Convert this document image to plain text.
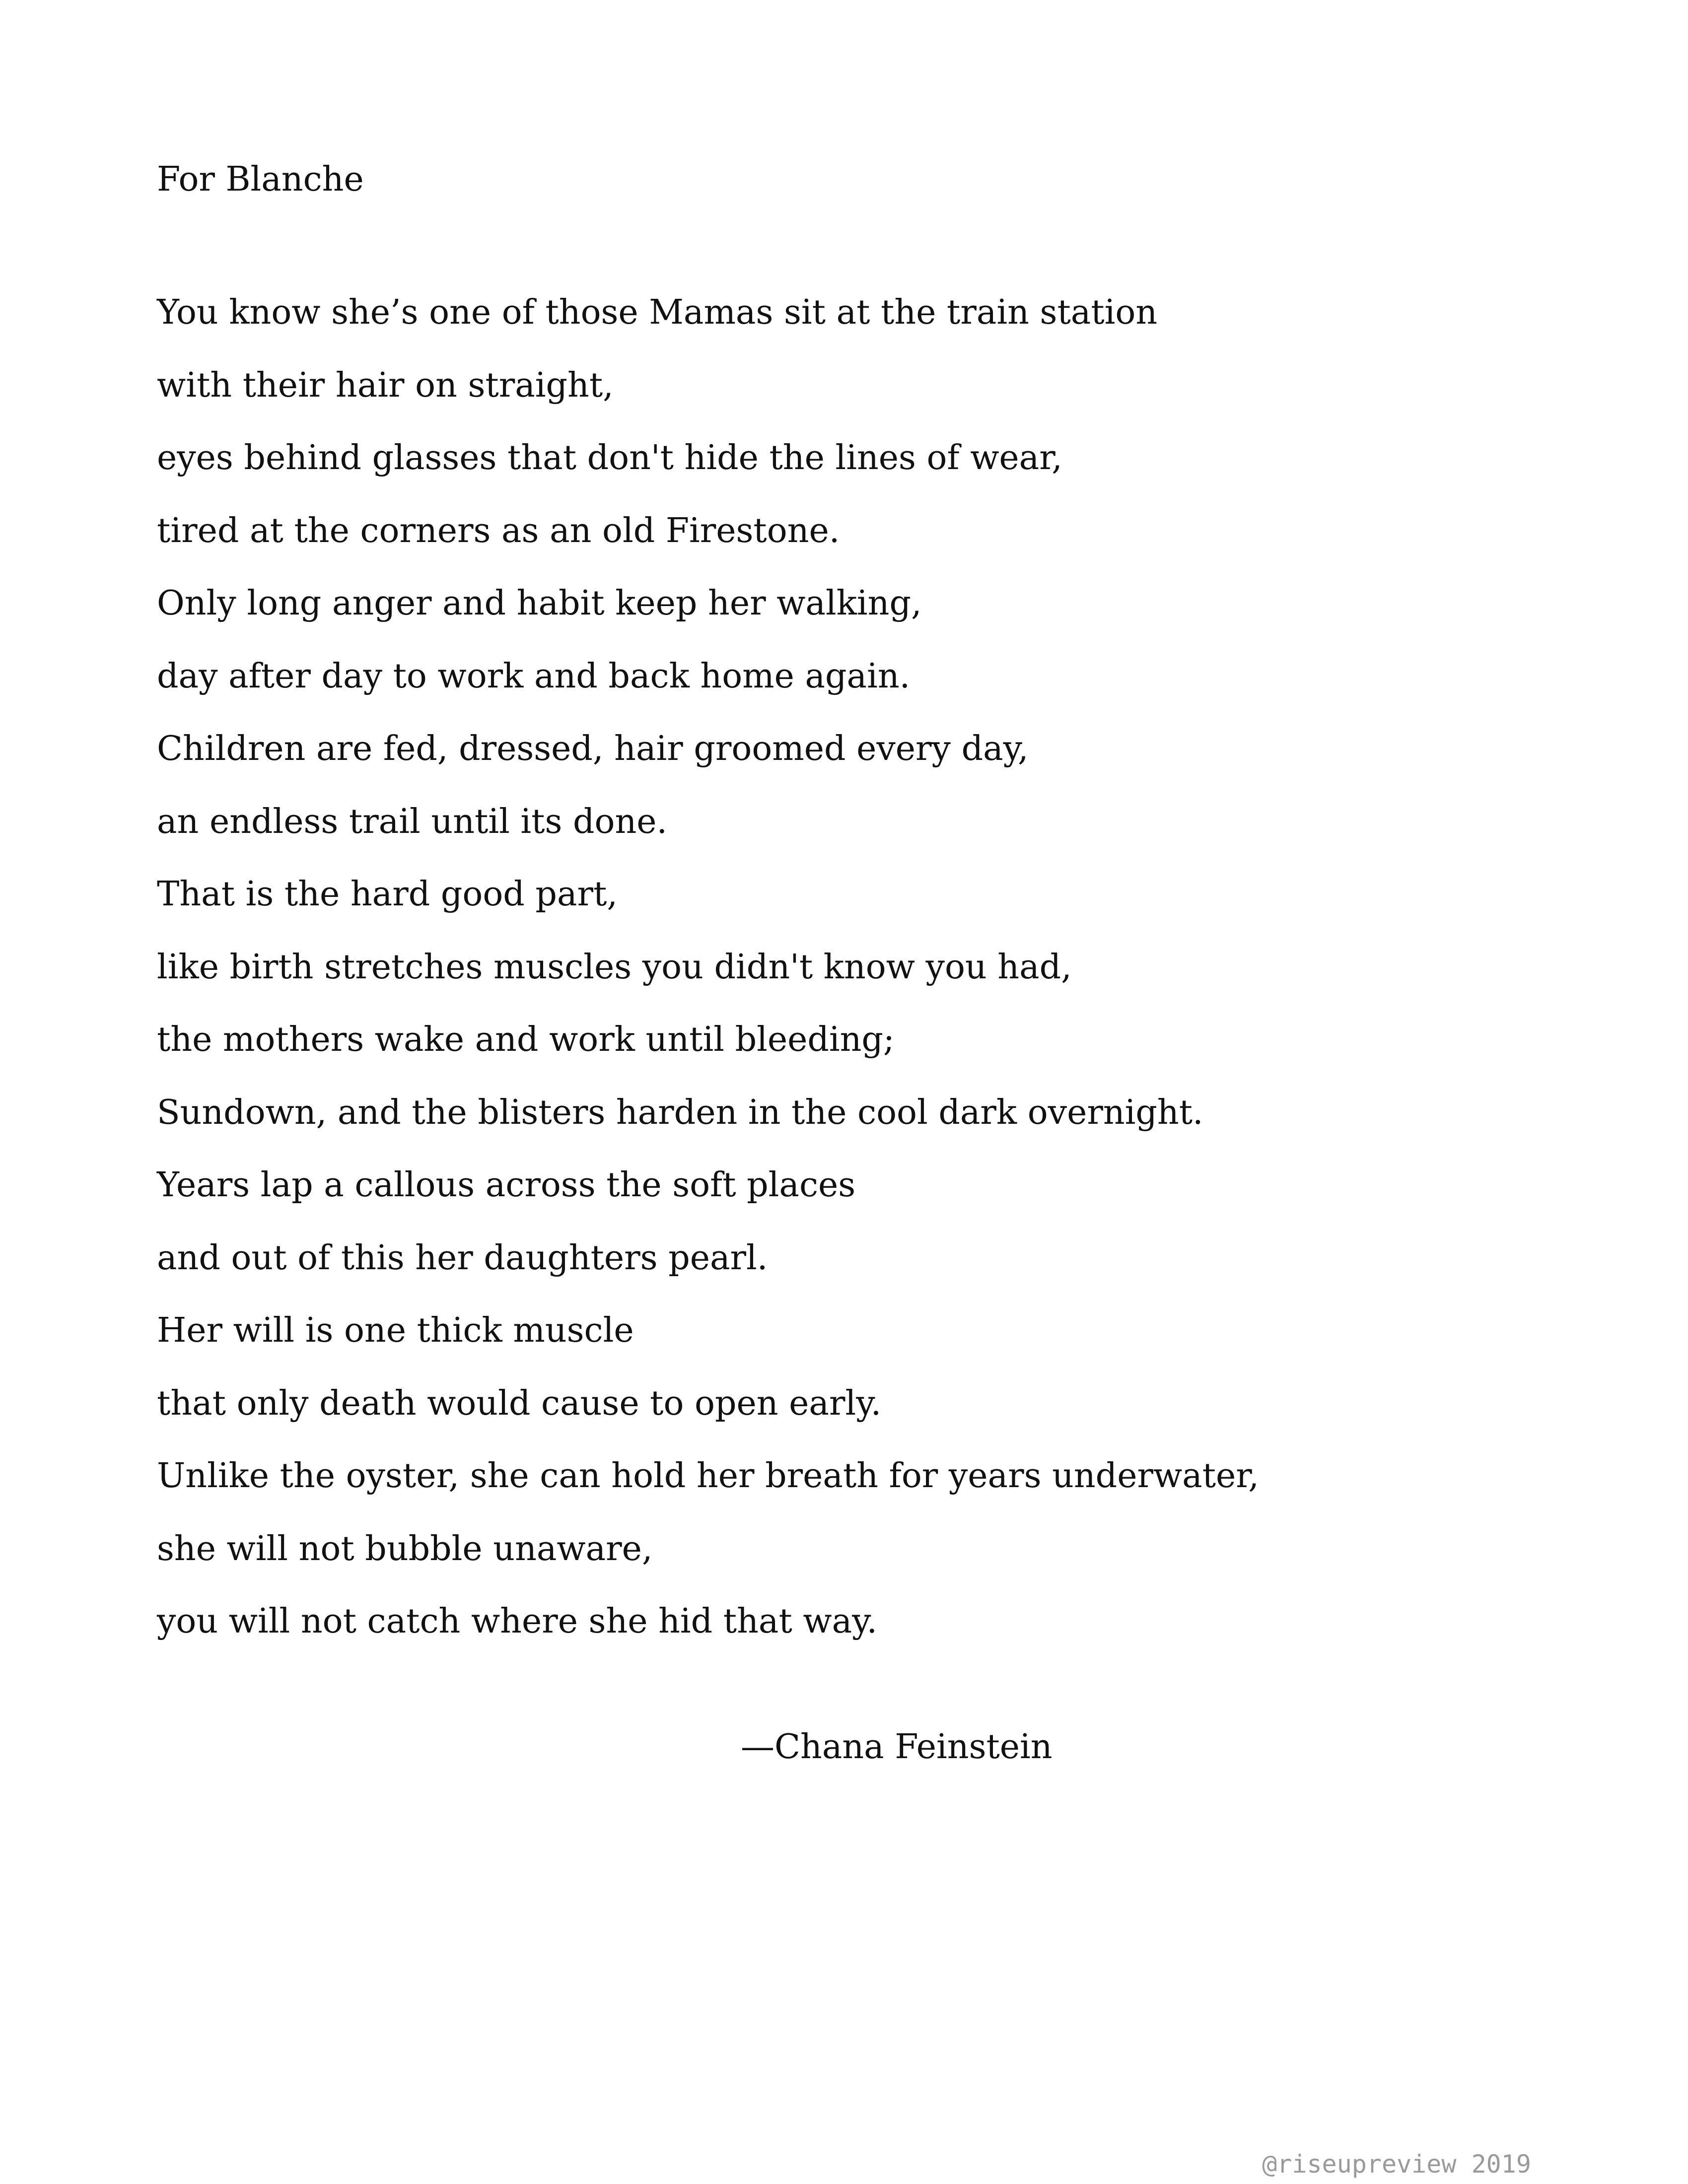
For Blanche
You know she’s one of those Mamas sit at the train station
with their hair on straight,
eyes behind glasses that don't hide the lines of wear,
tired at the corners as an old Firestone.
Only long anger and habit keep her walking,
day after day to work and back home again.
Children are fed, dressed, hair groomed every day,
an endless trail until its done.
That is the hard good part,
like birth stretches muscles you didn't know you had,
the mothers wake and work until bleeding;
Sundown, and the blisters harden in the cool dark overnight.
Years lap a callous across the soft places
and out of this her daughters pearl.
Her will is one thick muscle
that only death would cause to open early.
Unlike the oyster, she can hold her breath for years underwater,
she will not bubble unaware,
you will not catch where she hid that way.
—Chana Feinstein
@riseupreview 2019
